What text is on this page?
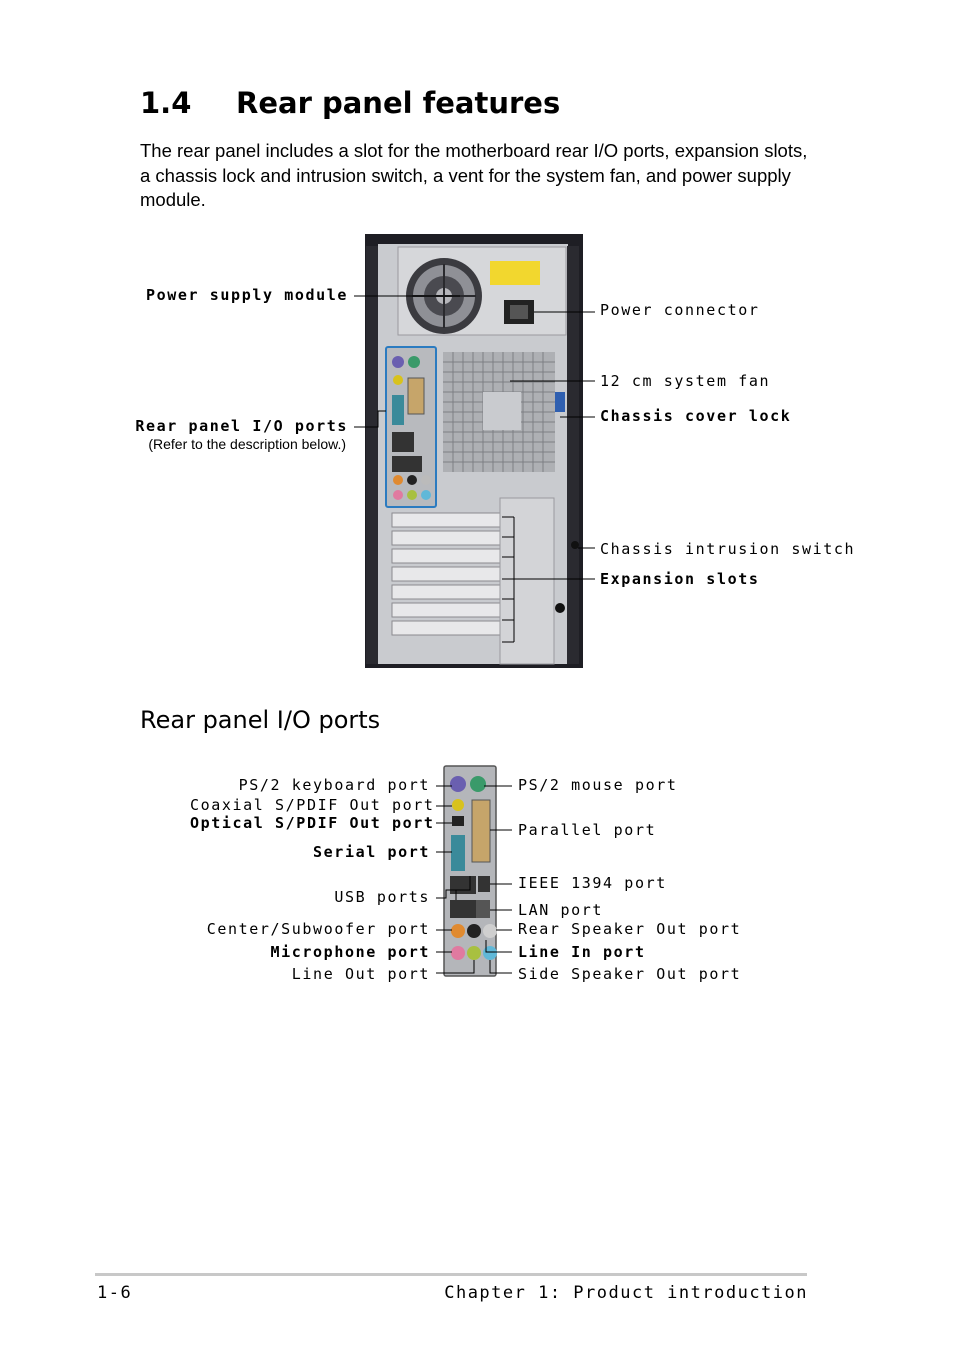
1.4 Rear panel features
The rear panel includes a slot for the motherboard rear I/O ports, expansion slots, a chassis lock and intrusion switch, a vent for the system fan, and power supply module.
Power supply module
Rear panel I/O ports
(Refer to the description below.)
Power connector
12 cm system fan
Chassis cover lock
Chassis intrusion switch
Expansion slots
Rear panel I/O ports
PS/2 keyboard port
Coaxial S/PDIF Out port
Optical S/PDIF Out port
Serial port
USB ports
Center/Subwoofer port
Microphone port
Line Out port
PS/2 mouse port
Parallel port
IEEE 1394 port
LAN port
Rear Speaker Out port
Line In port
Side Speaker Out port
1-6	Chapter 1: Product introduction
